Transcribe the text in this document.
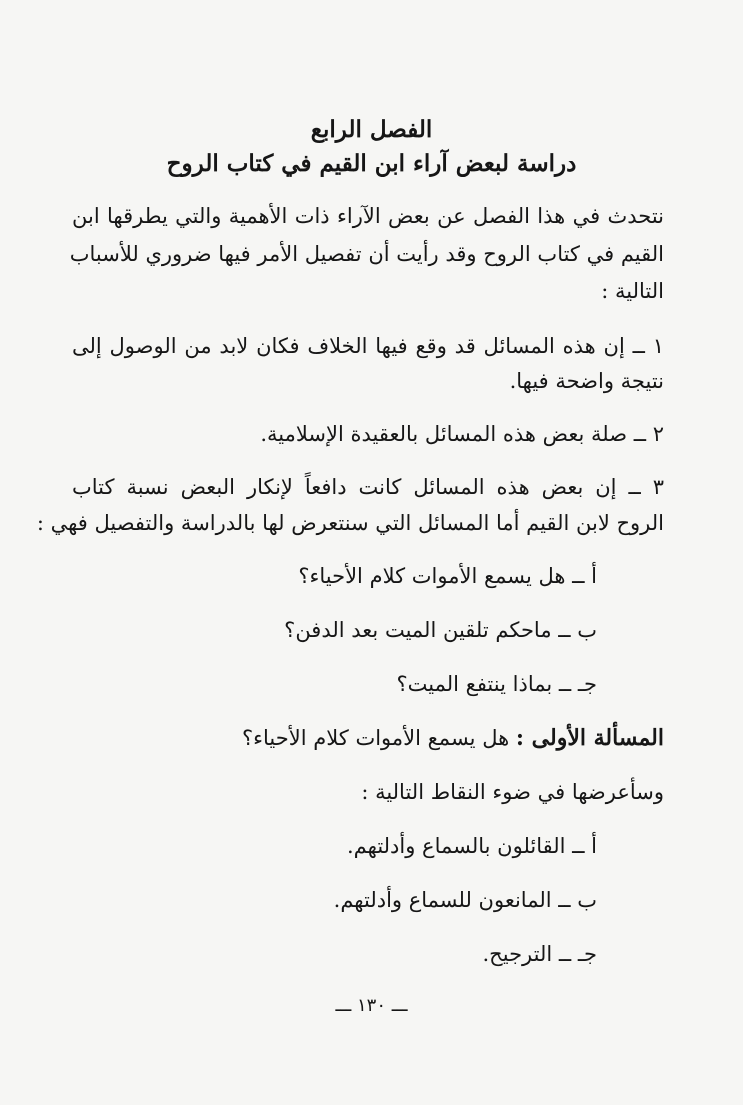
الفصل الرابع
دراسة لبعض آراء ابن القيم في كتاب الروح
نتحدث في هذا الفصل عن بعض الآراء ذات الأهمية والتي يطرقها ابن
القيم في كتاب الروح وقد رأيت أن تفصيل الأمر فيها ضروري للأسباب
التالية :
١ ــ إن هذه المسائل قد وقع فيها الخلاف فكان لابد من الوصول إلى
نتيجة واضحة فيها.
٢ ــ صلة بعض هذه المسائل بالعقيدة الإسلامية.
٣ ــ إن بعض هذه المسائل كانت دافعاً لإنكار البعض نسبة كتاب
الروح لابن القيم أما المسائل التي سنتعرض لها بالدراسة والتفصيل فهي :
أ ــ هل يسمع الأموات كلام الأحياء؟
ب ــ ماحكم تلقين الميت بعد الدفن؟
جـ ــ بماذا ينتفع الميت؟
المسألة الأولى : هل يسمع الأموات كلام الأحياء؟
وسأعرضها في ضوء النقاط التالية :
أ ــ القائلون بالسماع وأدلتهم.
ب ــ المانعون للسماع وأدلتهم.
جـ ــ الترجيح.
ـــ ١٣٠ ـــ
